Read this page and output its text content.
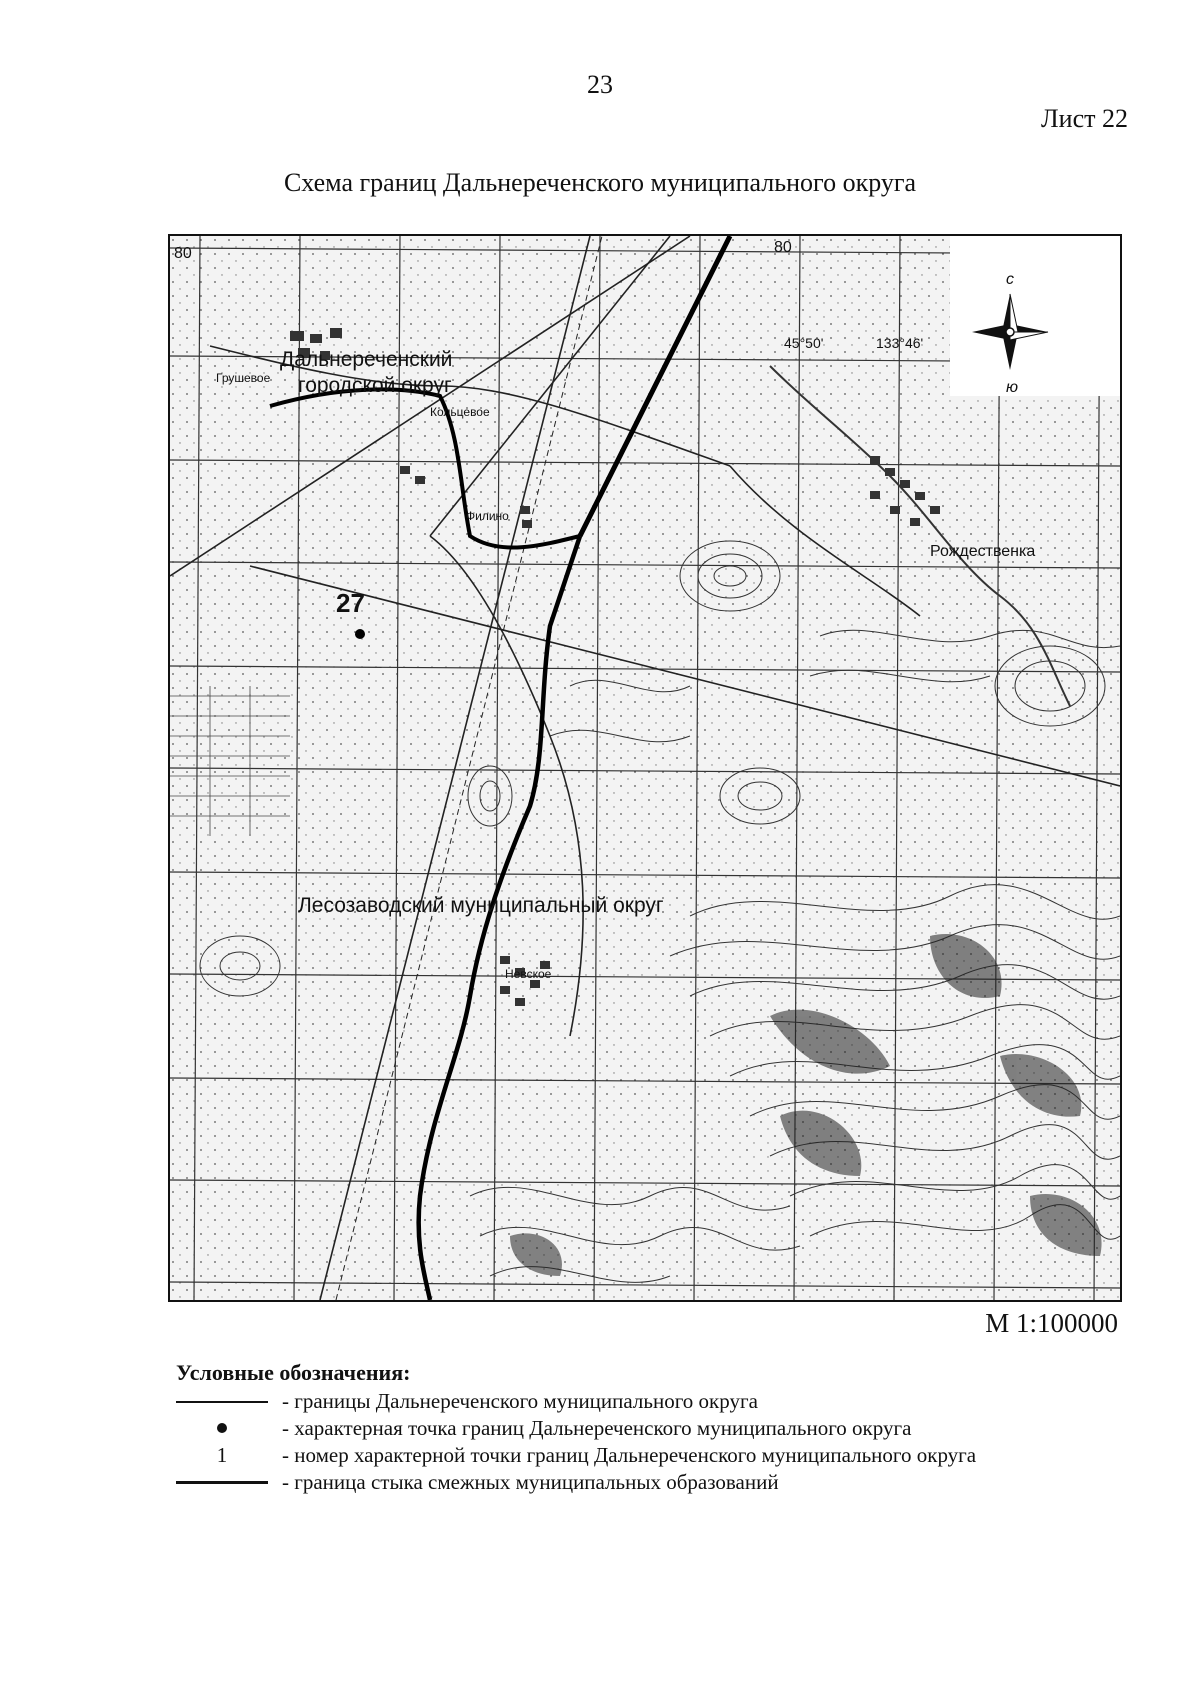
23
Лист 22
Схема границ Дальнереченского муниципального округа
27
Дальнереченский
городской округ
Грушевое
Кольцевое
Филино
Рождественка
Невское
Лесозаводский муниципальный округ
80	80
45°50'	133°46'
с
ю
М 1:100000
Условные обозначения:
- границы Дальнереченского муниципального округа
- характерная точка границ Дальнереченского муниципального округа
1	- номер характерной точки границ Дальнереченского муниципального округа
- граница стыка смежных муниципальных образований
